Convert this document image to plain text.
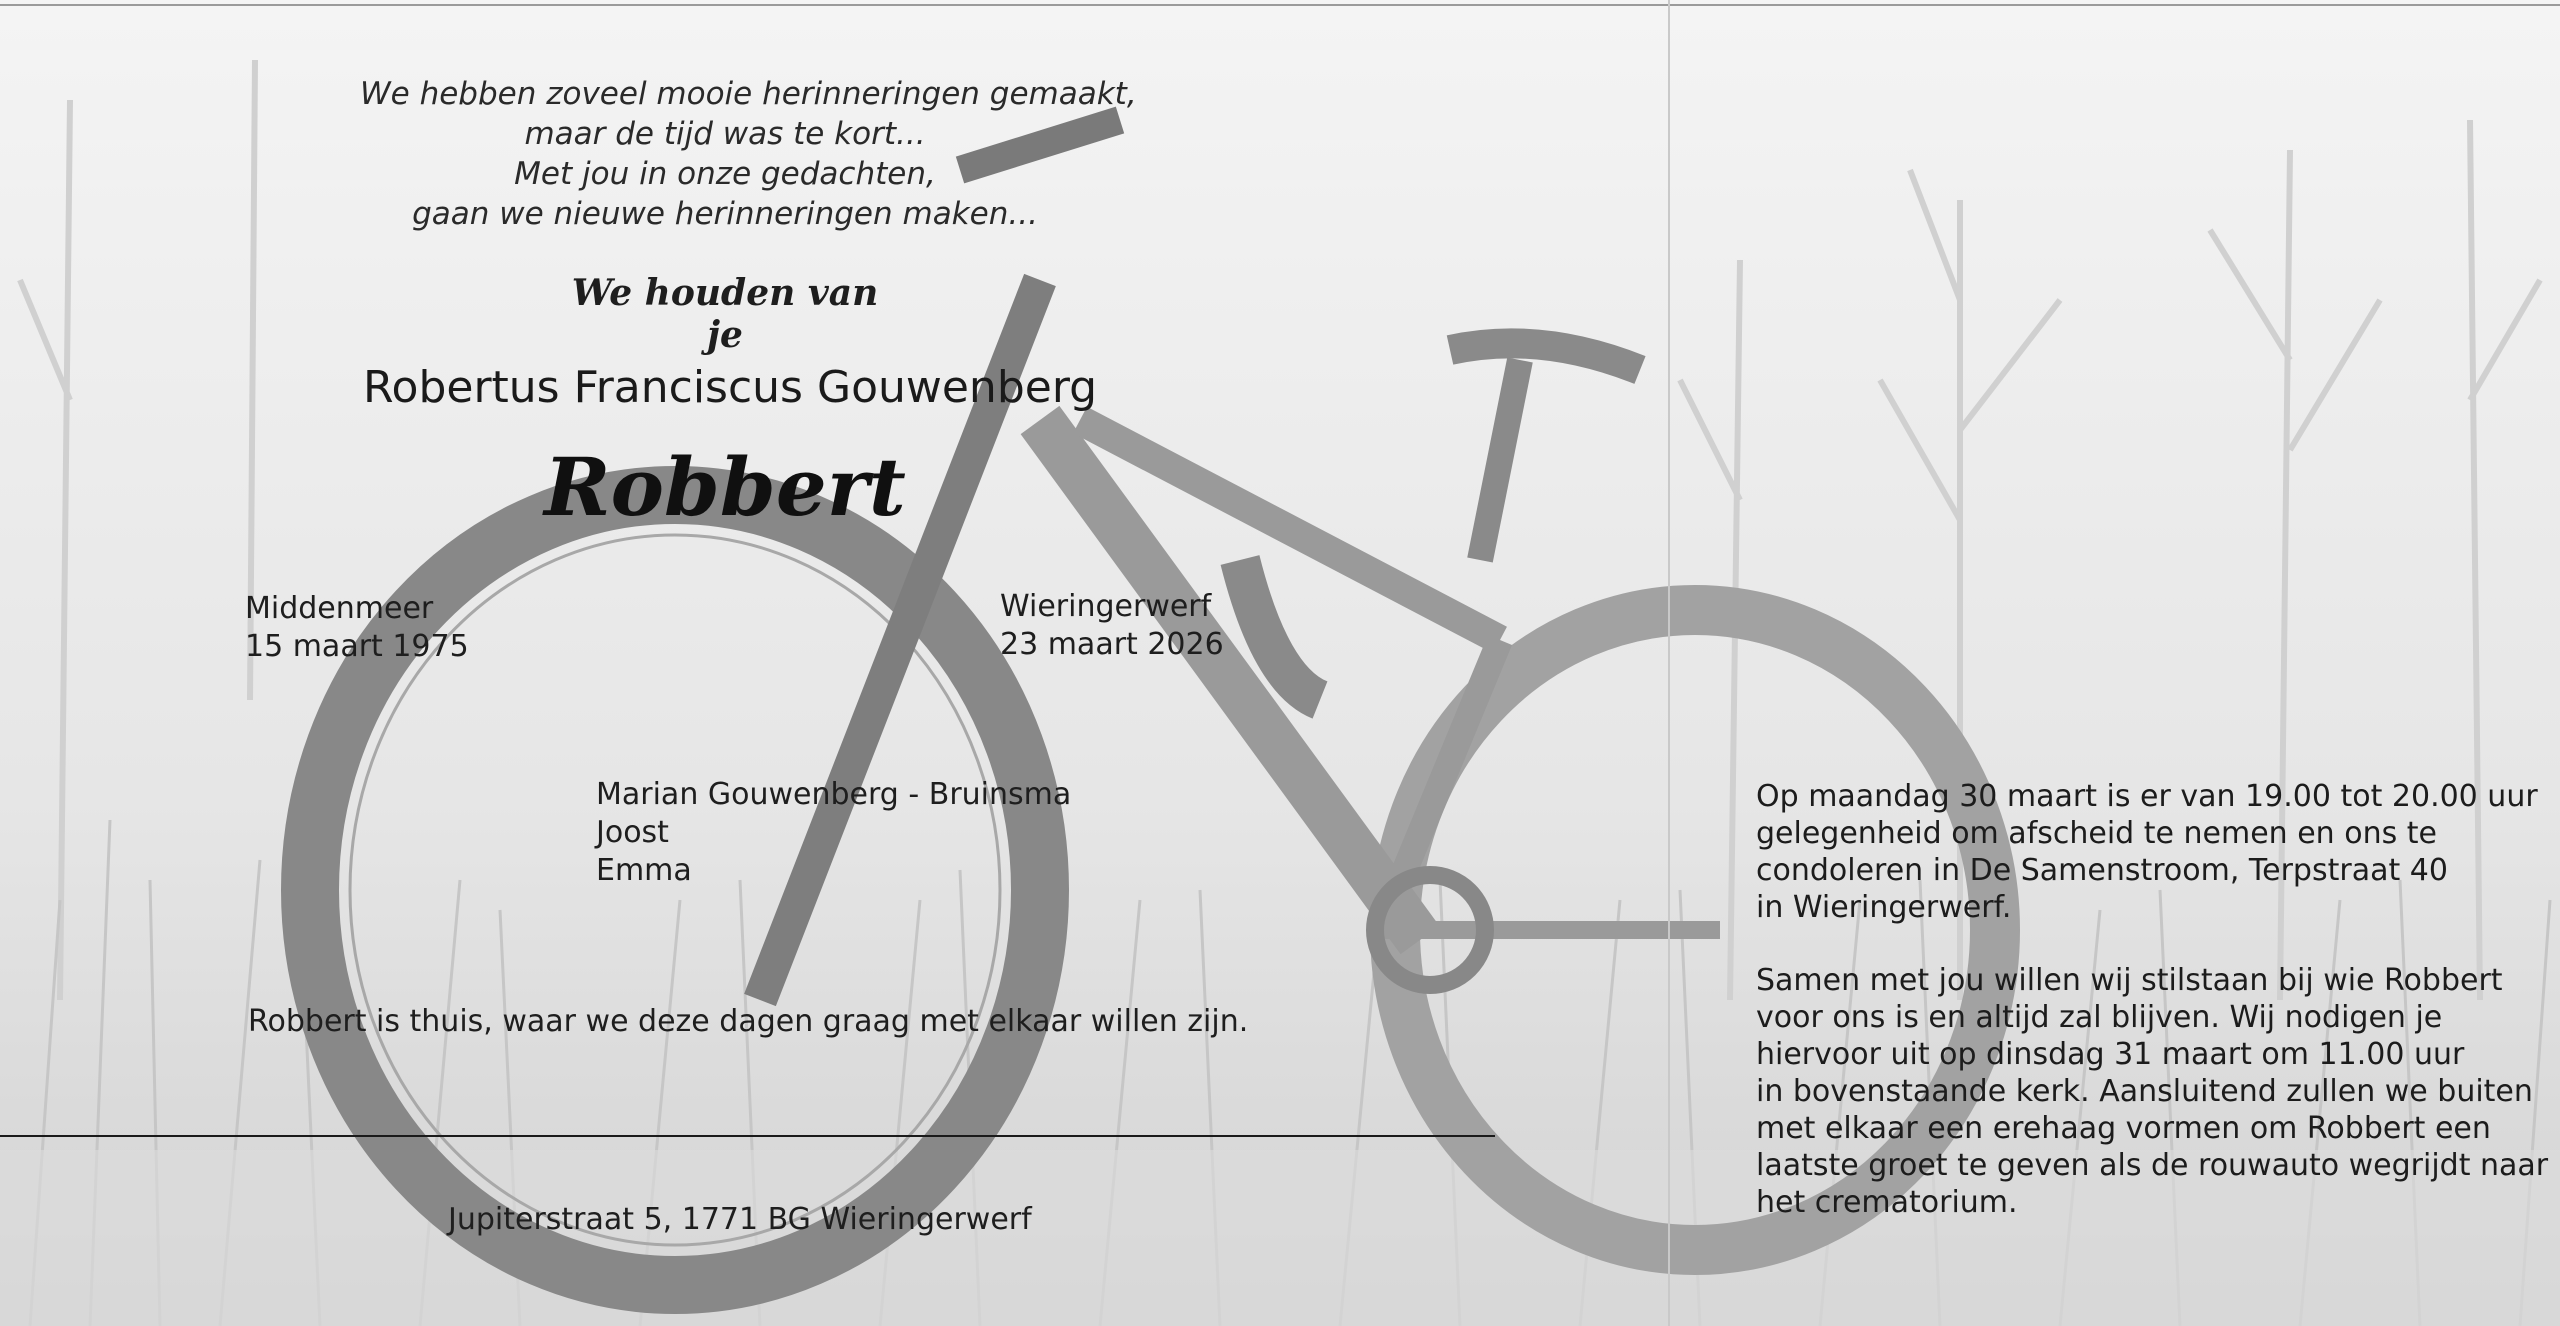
We hebben zoveel mooie herinneringen gemaakt,
maar de tijd was te kort...
Met jou in onze gedachten,
gaan we nieuwe herinneringen maken...
We houden van je
Robertus Franciscus Gouwenberg
Robbert
Middenmeer
15 maart 1975
Wieringerwerf
23 maart 2026
Marian Gouwenberg - Bruinsma
Joost
Emma
Robbert is thuis, waar we deze dagen graag met elkaar willen zijn.
Jupiterstraat 5, 1771 BG Wieringerwerf

Op maandag 30 maart is er van 19.00 tot 20.00 uur
gelegenheid om afscheid te nemen en ons te
condoleren in De Samenstroom, Terpstraat 40
in Wieringerwerf.

Samen met jou willen wij stilstaan bij wie Robbert
voor ons is en altijd zal blijven. Wij nodigen je
hiervoor uit op dinsdag 31 maart om 11.00 uur
in bovenstaande kerk. Aansluitend zullen we buiten
met elkaar een erehaag vormen om Robbert een
laatste groet te geven als de rouwauto wegrijdt naar
het crematorium.
